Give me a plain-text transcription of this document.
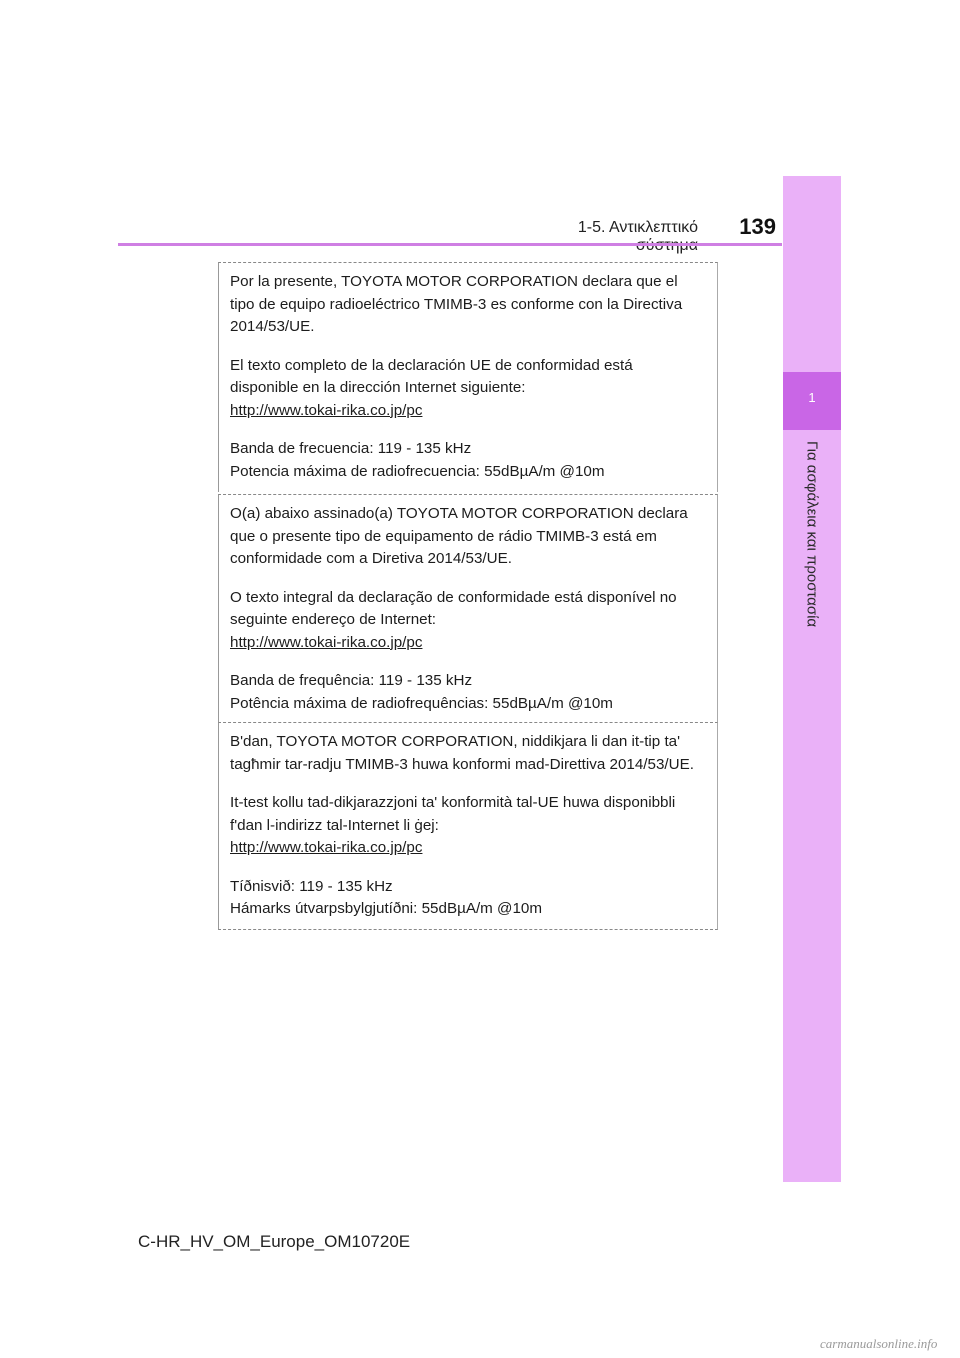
1-5. Αντικλεπτικό	139
1
Για ασφάλεια και προστασία

Por la presente, TOYOTA MOTOR CORPORATION declara que el tipo de equipo radioeléctrico TMIMB-3 es conforme con la Directiva 2014/53/UE.

El texto completo de la declaración UE de conformidad está disponible en la dirección Internet siguiente:

http://www.tokai-rika.co.jp/pc

Banda de frecuencia: 119 - 135 kHz

Potencia máxima de radiofrecuencia: 55dBµA/m @10m

O(a) abaixo assinado(a) TOYOTA MOTOR CORPORATION declara que o presente tipo de equipamento de rádio TMIMB-3 está em conformidade com a Diretiva 2014/53/UE.

O texto integral da declaração de conformidade está disponível no seguinte endereço de Internet:

http://www.tokai-rika.co.jp/pc

Banda de frequência: 119 - 135 kHz

Potência máxima de radiofrequências: 55dBµA/m @10m

B'dan, TOYOTA MOTOR CORPORATION, niddikjara li dan it-tip ta' tagħmir tar-radju TMIMB-3 huwa konformi mad-Direttiva 2014/53/UE.

It-test kollu tad-dikjarazzjoni ta' konformità tal-UE huwa disponibbli f'dan l-indirizz tal-Internet li ġej:

http://www.tokai-rika.co.jp/pc

Tíðnisvið: 119 - 135 kHz

Hámarks útvarpsbylgjutíðni: 55dBµA/m @10m

C-HR_HV_OM_Europe_OM10720E
carmanualsonline.info
